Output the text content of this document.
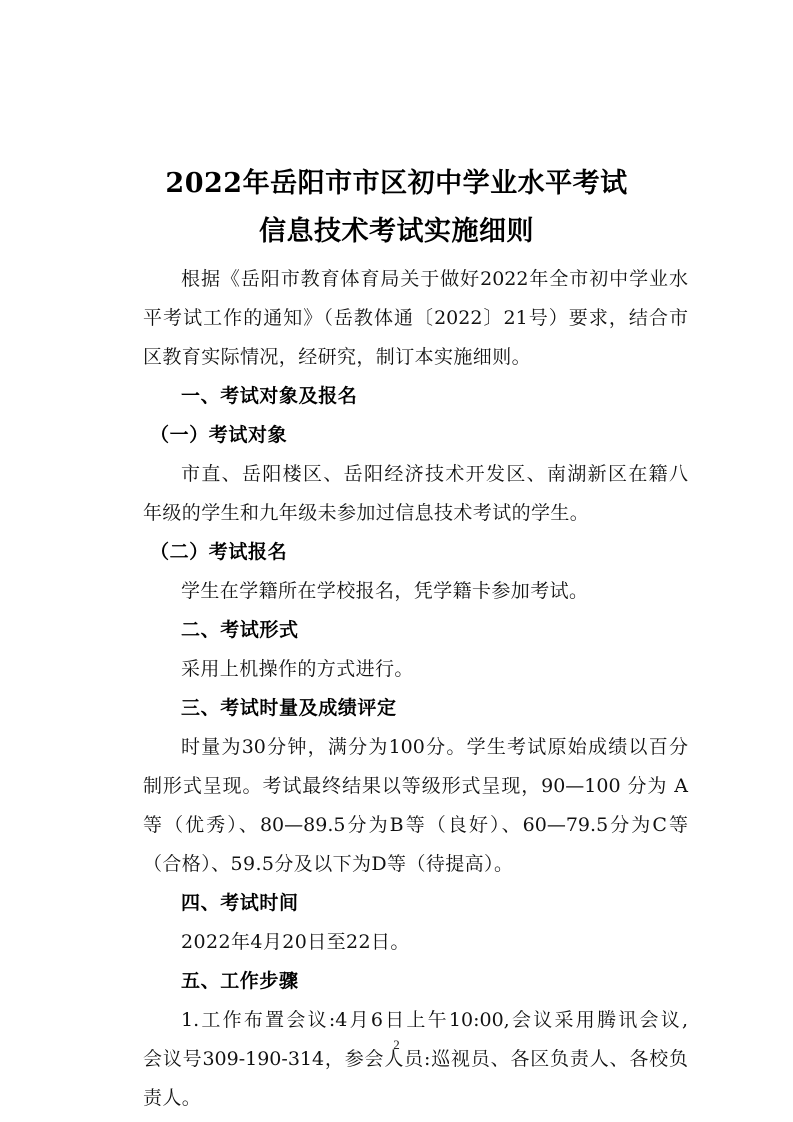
2022年岳阳市市区初中学业水平考试
信息技术考试实施细则
根据《岳阳市教育体育局关于做好2022年全市初中学业水
平考试工作的通知》（岳教体通〔2022〕21号）要求，结合市
区教育实际情况，经研究，制订本实施细则。
一、考试对象及报名
（一）考试对象
市直、岳阳楼区、岳阳经济技术开发区、南湖新区在籍八
年级的学生和九年级未参加过信息技术考试的学生。
（二）考试报名
学生在学籍所在学校报名，凭学籍卡参加考试。
二、考试形式
采用上机操作的方式进行。
三、考试时量及成绩评定
时量为30分钟，满分为100分。学生考试原始成绩以百分
制形式呈现。考试最终结果以等级形式呈现，90—100 分为 A
等（优秀）、80—89.5分为B等（良好）、60—79.5分为C等
（合格）、59.5分及以下为D等（待提高）。
四、考试时间
2022年4月20日至22日。
五、工作步骤
1.工作布置会议:4月6日上午10:00,会议采用腾讯会议,
会议号309-190-314，参会人员:巡视员、各区负责人、各校负
责人。
2
